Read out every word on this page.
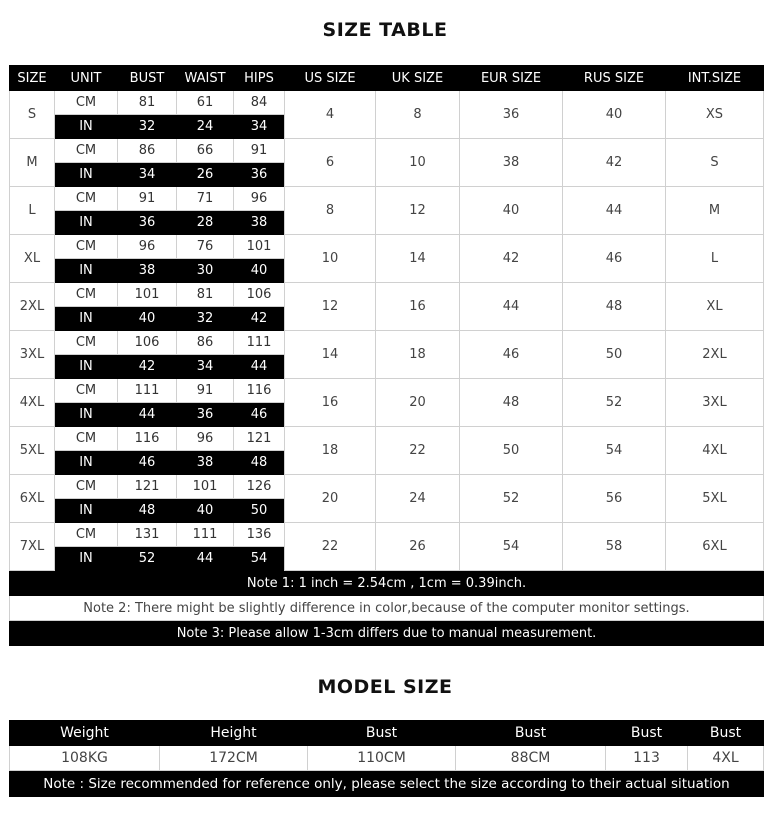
SIZE TABLE
SIZE	UNIT	BUST	WAIST	HIPS	US SIZE	UK SIZE	EUR SIZE	RUS SIZE	INT.SIZE
S	CM	81	61	84	4	8	36	40	XS
	IN	32	24	34					
M	CM	86	66	91	6	10	38	42	S
	IN	34	26	36					
L	CM	91	71	96	8	12	40	44	M
	IN	36	28	38					
XL	CM	96	76	101	10	14	42	46	L
	IN	38	30	40					
2XL	CM	101	81	106	12	16	44	48	XL
	IN	40	32	42					
3XL	CM	106	86	111	14	18	46	50	2XL
	IN	42	34	44					
4XL	CM	111	91	116	16	20	48	52	3XL
	IN	44	36	46					
5XL	CM	116	96	121	18	22	50	54	4XL
	IN	46	38	48					
6XL	CM	121	101	126	20	24	52	56	5XL
	IN	48	40	50					
7XL	CM	131	111	136	22	26	54	58	6XL
	IN	52	44	54					
Note 1: 1 inch = 2.54cm , 1cm = 0.39inch.									
Note 2: There might be slightly difference in color,because of the computer monitor settings.									
Note 3: Please allow 1-3cm differs due to manual measurement.									
MODEL SIZE
Weight	Height	Bust	Bust	Bust	Bust
108KG	172CM	110CM	88CM	113	4XL
Note : Size recommended for reference only, please select the size according to their actual situation					
